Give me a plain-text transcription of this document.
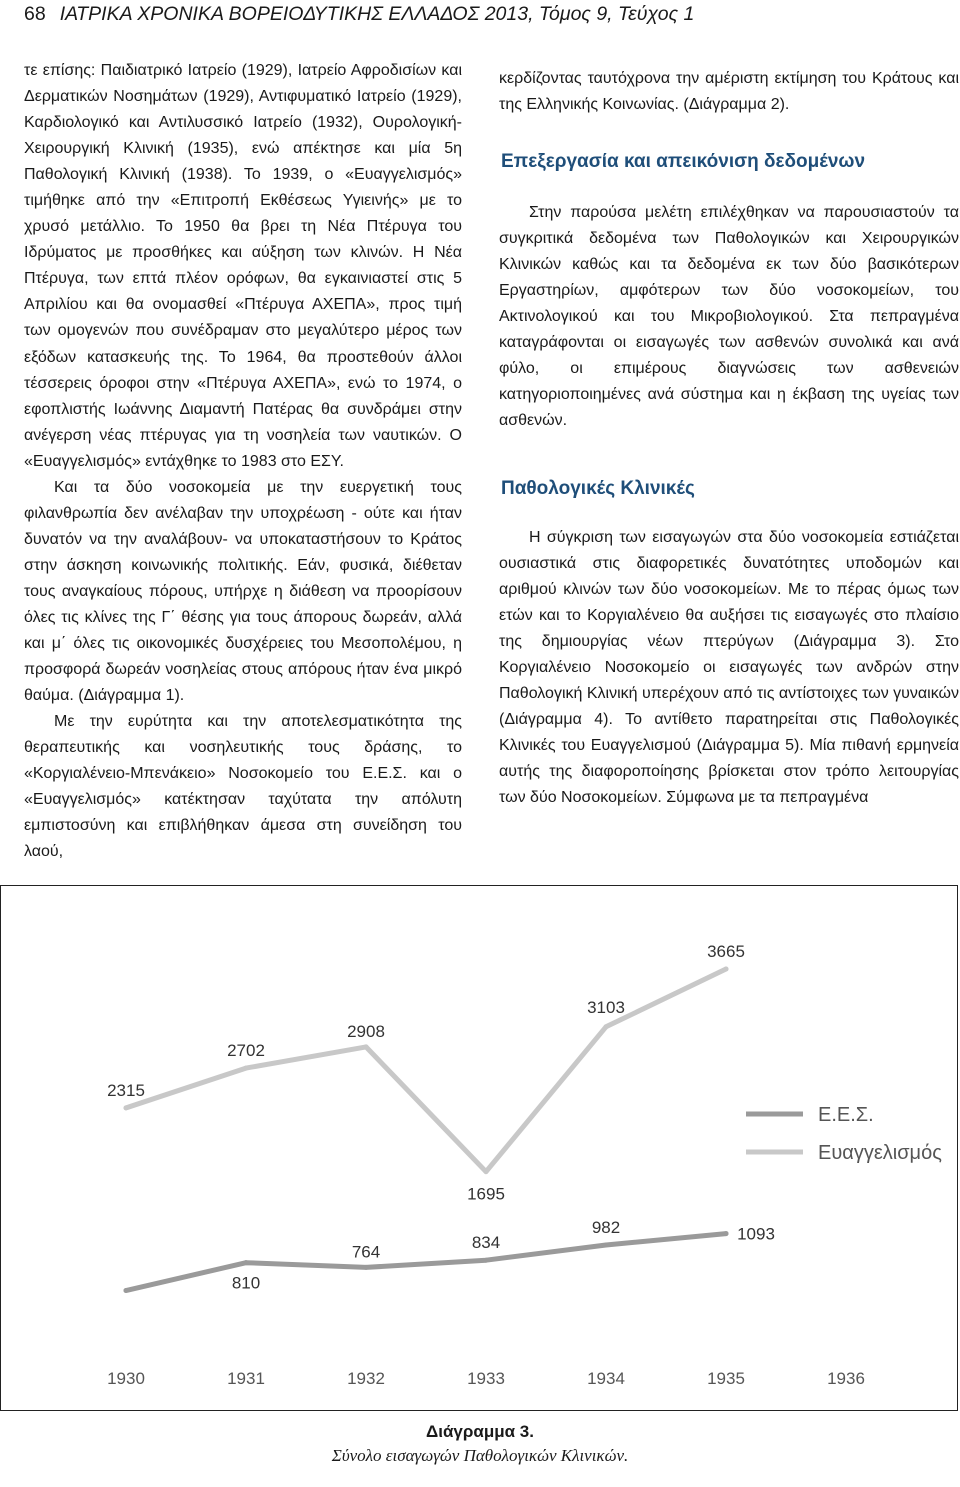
68 ΙΑΤΡΙΚΑ ΧΡΟΝΙΚΑ ΒΟΡΕΙΟΔΥΤΙΚΗΣ ΕΛΛΑΔΟΣ 2013, Τόμος 9, Τεύχος 1

τε επίσης: Παιδιατρικό Ιατρείο (1929), Ιατρείο Αφροδισίων και Δερματικών Νοσημάτων (1929), Αντιφυματικό Ιατρείο (1929), Καρδιολογικό και Αντιλυσσικό Ιατρείο (1932), Ουρολογική-Χειρουργική Κλινική (1935), ενώ απέκτησε και μία 5η Παθολογική Κλινική (1938). Το 1939, ο «Ευαγγελισμός» τιμήθηκε από την «Επιτροπή Εκθέσεως Υγιεινής» με το χρυσό μετάλλιο. Το 1950 θα βρει τη Νέα Πτέρυγα του Ιδρύματος με προσθήκες και αύξηση των κλινών. Η Νέα Πτέρυγα, των επτά πλέον ορόφων, θα εγκαινιαστεί στις 5 Απριλίου και θα ονομασθεί «Πτέρυγα ΑΧΕΠΑ», προς τιμή των ομογενών που συνέδραμαν στο μεγαλύτερο μέρος των εξόδων κατασκευής της. Το 1964, θα προστεθούν άλλοι τέσσερεις όροφοι στην «Πτέρυγα ΑΧΕΠΑ», ενώ το 1974, ο εφοπλιστής Ιωάννης Διαμαντή Πατέρας θα συνδράμει στην ανέγερση νέας πτέρυγας για τη νοσηλεία των ναυτικών. Ο «Ευαγγελισμός» εντάχθηκε το 1983 στο ΕΣΥ.

Και τα δύο νοσοκομεία με την ευεργετική τους φιλανθρωπία δεν ανέλαβαν την υποχρέωση - ούτε και ήταν δυνατόν να την αναλάβουν- να υποκαταστήσουν το Κράτος στην άσκηση κοινωνικής πολιτικής. Εάν, φυσικά, διέθεταν τους αναγκαίους πόρους, υπήρχε η διάθεση να προορίσουν όλες τις κλίνες της Γ΄ θέσης για τους άπορους δωρεάν, αλλά και μ΄ όλες τις οικονομικές δυσχέρειες του Μεσοπολέμου, η προσφορά δωρεάν νοσηλείας στους απόρους ήταν ένα μικρό θαύμα. (Διάγραμμα 1).

Με την ευρύτητα και την αποτελεσματικότητα της θεραπευτικής και νοσηλευτικής τους δράσης, το «Κοργιαλένειο-Μπενάκειο» Νοσοκομείο του Ε.Ε.Σ. και ο «Ευαγγελισμός» κατέκτησαν ταχύτατα την απόλυτη εμπιστοσύνη και επιβλήθηκαν άμεσα στη συνείδηση του λαού,

κερδίζοντας ταυτόχρονα την αμέριστη εκτίμηση του Κράτους και της Ελληνικής Κοινωνίας. (Διάγραμμα 2).

Επεξεργασία και απεικόνιση δεδομένων

Στην παρούσα μελέτη επιλέχθηκαν να παρουσιαστούν τα συγκριτικά δεδομένα των Παθολογικών και Χειρουργικών Κλινικών καθώς και τα δεδομένα εκ των δύο βασικότερων Εργαστηρίων, αμφότερων των δύο νοσοκομείων, του Ακτινολογικού και του Μικροβιολογικού. Στα πεπραγμένα καταγράφονται οι εισαγωγές των ασθενών συνολικά και ανά φύλο, οι επιμέρους διαγνώσεις των ασθενειών κατηγοριοποιημένες ανά σύστημα και η έκβαση της υγείας των ασθενών.

Παθολογικές Κλινικές

Η σύγκριση των εισαγωγών στα δύο νοσοκομεία εστιάζεται ουσιαστικά στις διαφορετικές δυνατότητες υποδομών και αριθμού κλινών των δύο νοσοκομείων. Με το πέρας όμως των ετών και το Κοργιαλένειο θα αυξήσει τις εισαγωγές στο πλαίσιο της δημιουργίας νέων πτερύγων (Διάγραμμα 3). Στο Κοργιαλένειο Νοσοκομείο οι εισαγωγές των ανδρών στην Παθολογική Κλινική υπερέχουν από τις αντίστοιχες των γυναικών (Διάγραμμα 4). Το αντίθετο παρατηρείται στις Παθολογικές Κλινικές του Ευαγγελισμού (Διάγραμμα 5). Μία πιθανή ερμηνεία αυτής της διαφοροποίησης βρίσκεται στον τρόπο λειτουργίας των δύο Νοσοκομείων. Σύμφωνα με τα πεπραγμένα

1930	1931	1932	1933	1934	1935	1936
2315
2702
2908
1695
3103
3665
810
764	834
982	1093
Ε.Ε.Σ.
Ευαγγελισμός
Διάγραμμα 3.
Σύνολο εισαγωγών Παθολογικών Κλινικών.
